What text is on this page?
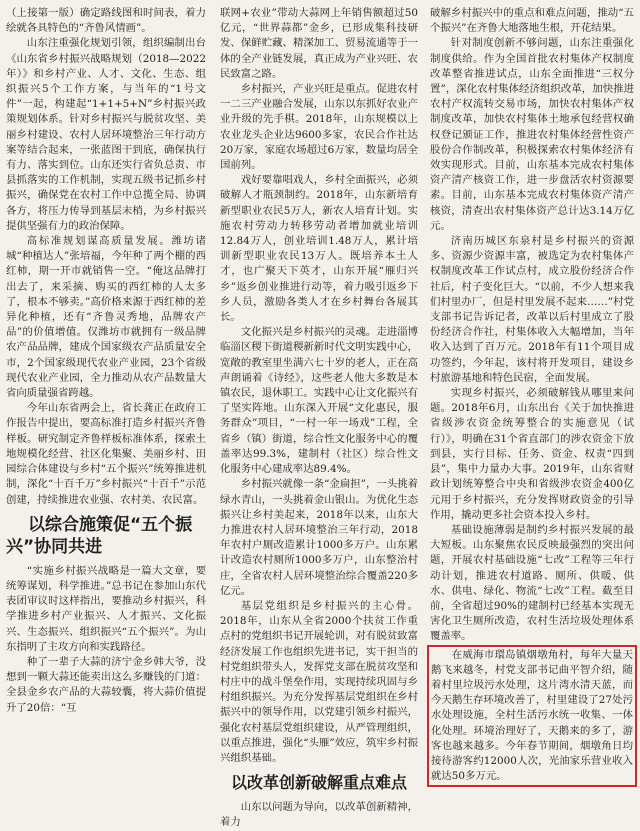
（上接第一版）确定路线图和时间表，着力绘就各具特色的“齐鲁风情画”。

山东注重强化规划引领，组织编制出台《山东省乡村振兴战略规划（2018—2022年）》和乡村产业、人才、文化、生态、组织振兴5个工作方案，与当年的“1号文件”一起，构建起“1+1+5+N”乡村振兴政策规划体系。针对乡村振兴与脱贫攻坚、美丽乡村建设、农村人居环境整治三年行动方案等结合起来，一张蓝图干到底，确保执行有力、落实到位。山东还实行省负总责、市县抓落实的工作机制，实现五级书记抓乡村振兴，确保党在农村工作中总揽全局、协调各方，将压力传导到基层末梢，为乡村振兴提供坚强有力的政治保障。

高标准规划谋高质量发展。潍坊诸城“种植达人”张培福，今年种了两个棚的西红柿，期一开市就销售一空。“俺这品牌打出去了，来采摘、购买的西红柿的人太多了，根本不够卖。”高价格来源于西红柿的差异化种植，还有“齐鲁灵秀地，品牌农产品”的价值增值。仅潍坊市就拥有一级品牌农产品品牌，建成个国家级农产品质量安全市，2个国家级现代农业产业园，23个省级现代农业产业园，全力推动从农产品数量大省向质量强省跨越。

今年山东省两会上，省长龚正在政府工作报告中提出，要高标准打造乡村振兴齐鲁样板。研究制定齐鲁样板标准体系，探索土地规模化经营、社区化集聚、美丽乡村、田园综合体建设与乡村“五个振兴”统筹推进机制，深化“十百千万”乡村振兴“十百千”示范创建，持续推进农业强、农村美、农民富。

以综合施策促“五个振兴”协同共进

“实施乡村振兴战略是一篇大文章，要统筹谋划，科学推进。”总书记在参加山东代表团审议时这样指出，要推动乡村振兴，科学推进乡村产业振兴、人才振兴、文化振兴、生态振兴、组织振兴“五个振兴”。为山东指明了主攻方向和实践路径。

种了一辈子大蒜的济宁金乡韩大爷，没想到一颗大蒜还能卖出这么多赚钱的门道：全县金乡农产品的大蒜较囊，将大蒜价值提升了20倍：“互

联网+农业”带动大蒜网上年销售额超过50亿元，“世界蒜都”金乡，已形成集科技研发、保鲜贮藏、精深加工、贸易流通等于一体的全产业链发展，真正成为产业兴旺、农民致富之路。

乡村振兴，产业兴旺是重点。促进农村一二三产业融合发展，山东以东抓好农业产业升级的先手棋。2018年，山东规模以上农业龙头企业达9600多家，农民合作社达20万家，家庭农场超过6万家，数量均居全国前列。

戏好要靠唱戏人，乡村全面振兴，必须破解人才瓶颈制约。2018年，山东新培育新型职业农民5万人，新农人培育计划。实施农村劳动力转移劳动者增加就业培训12.84万人，创业培训1.48万人，累计培训新型职业农民13万人。既培养本土人才，也广聚天下英才，山东开展“雁归兴乡”返乡创业推进行动等，着力吸引返乡下乡人员，激励各类人才在乡村舞台各展其长。

文化振兴是乡村振兴的灵魂。走进淄博临淄区稷下街道稷新新时代文明实践中心，宽敞的教室里坐满六七十岁的老人，正在高声朗诵着《诗经》，这些老人他大多数是本镇农民，退休职工。实践中心让文化振兴有了坚实阵地。山东深入开展“文化惠民，服务群众”项目，“一村一年一场戏”工程，全省乡（镇）街道，综合性文化服务中心的覆盖率达99.3%，建制村（社区）综合性文化服务中心建成率达89.4%。

乡村振兴就像一条“金扁担”，一头挑着绿水青山，一头挑着金山银山。为优化生态振兴让乡村美起来，2018年以来，山东大力推进农村人居环境整治三年行动，2018年农村户厕改造累计1000多万户。山东累计改造农村厕所1000多万户，山东整治村庄，全省农村人居环境整治综合覆盖220多亿元。

基层党组织是乡村振兴的主心骨。2018年，山东从全省2000个扶贫工作重点村的党组织书记开展轮训，对有脱贫致富经济发展工作也组织先进书记，实干担当的村党组织带头人，发挥党支部在脱贫攻坚和村庄中的战斗堡垒作用，实现持续巩固与乡村组织振兴。为充分发挥基层党组织在乡村振兴中的领导作用，以党建引领乡村振兴，强化农村基层党组织建设，从严管理组织，以重点推进，强化“头雁”效应，筑牢乡村振兴组织基础。

以改革创新破解重点难点

山东以问题为导向，以改革创新精神，着力

破解乡村振兴中的重点和难点问题，推动“五个振兴”在齐鲁大地落地生根，开花结果。

针对制度创新不够问题，山东注重强化制度供给。作为全国首批农村集体产权制度改革整省推进试点，山东全面推进“三权分置”，深化农村集体经济组织改革，加快推进农村产权流转交易市场，加快农村集体产权制度改革，加快农村集体土地承包经营权确权登记颁证工作，推进农村集体经营性资产股份合作制改革，积极探索农村集体经济有效实现形式。目前，山东基本完成农村集体资产清产核资工作，进一步盘活农村资源要素。目前，山东基本完成农村集体资产清产核资，清查出农村集体资产总计达3.14万亿元。

济南历城区东泉村是乡村振兴的资源多、资源少资源丰富，被选定为农村集体产权制度改革工作试点村，成立股份经济合作社后，村子变化巨大。“以前，不少人想来我们村里办厂，但是村里发展不起来……”村党支部书记告诉记者，改革以后村里成立了股份经济合作社，村集体收入大幅增加，当年收入达到了百万元。2018年有11个项目成功签约，今年起，该村将开发项目，建设乡村旅游基地和特色民宿，全面发展。

实现乡村振兴，必须破解钱从哪里来问题。2018年6月，山东出台《关于加快推进省级涉农资金统筹整合的实施意见（试行）》，明确在31个省直部门的涉农资金下放到县，实行目标、任务、资金、权责“四到县”，集中力量办大事。2019年，山东省财政计划统筹整合中央和省级涉农资金400亿元用于乡村振兴，充分发挥财政资金的引导作用，撬动更多社会资本投入乡村。

基础设施薄弱是制约乡村振兴发展的最大短板。山东聚焦农民反映最强烈的突出问题，开展农村基础设施“七改”工程等三年行动计划，推进农村道路、厕所、供暖、供水、供电、绿化、物流“七改”工程。截至目前，全省超过90%的建制村已经基本实现无害化卫生厕所改造，农村生活垃圾处理体系覆盖率。

在威海市環岛镇烟墩角村，每年大量天鹅飞来越冬，村党支部书记曲平智介绍，随着村里垃圾污水处理，这片湾水清天蓝，而今天鹅生存环境改善了，村里建设了27处污水处理设施，全村生活污水统一收集、一体化处理。环境治理好了，天鹅来的多了，游客也越来越多。今年春节期间，烟墩角日均接待游客约12000人次，光油家乐营业收入就达50多万元。
